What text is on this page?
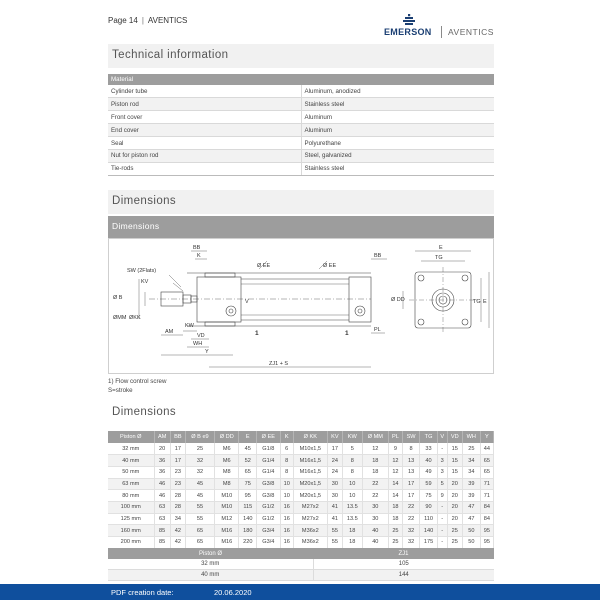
Page 14 | AVENTICS
EMERSON AVENTICS
Technical information
Material	
Cylinder tube	Aluminum, anodized
Piston rod	Stainless steel
Front cover	Aluminum
End cover	Aluminum
Seal	Polyurethane
Nut for piston rod	Steel, galvanized
Tie-rods	Stainless steel
Dimensions
Dimensions
BB
K
Ø EE	Ø EE
BB
SW (2Flats)
KV
Ø B
ØMM ØKK
KW
AM
VD
WH
Y
V
1	1	PL
ZJ1 + S
Ø DD
E
TG
TG E
1) Flow control screw
S=stroke
Dimensions
Piston Ø	AM	BB	Ø B e9	Ø DD	E	Ø EE	K	Ø KK	KV	KW	Ø MM	PL	SW	TG	V	VD	WH	Y
32 mm	20	17	25	M6	45	G1/8	6	M10x1,5	17	5	12	9	8	33	-	15	25	44
40 mm	36	17	32	M6	52	G1/4	8	M16x1,5	24	8	18	12	13	40	3	15	34	65
50 mm	36	23	32	M8	65	G1/4	8	M16x1,5	24	8	18	12	13	49	3	15	34	65
63 mm	46	23	45	M8	75	G3/8	10	M20x1,5	30	10	22	14	17	59	5	20	39	71
80 mm	46	28	45	M10	95	G3/8	10	M20x1,5	30	10	22	14	17	75	9	20	39	71
100 mm	63	28	55	M10	115	G1/2	16	M27x2	41	13.5	30	18	22	90	-	20	47	84
125 mm	63	34	55	M12	140	G1/2	16	M27x2	41	13.5	30	18	22	110	-	20	47	84
160 mm	85	42	65	M16	180	G3/4	16	M36x2	55	18	40	25	32	140	-	25	50	95
200 mm	85	42	65	M16	220	G3/4	16	M36x2	55	18	40	25	32	175	-	25	50	95
Piston Ø	ZJ1
32 mm	105
40 mm	144
PDF creation date:	20.06.2020
